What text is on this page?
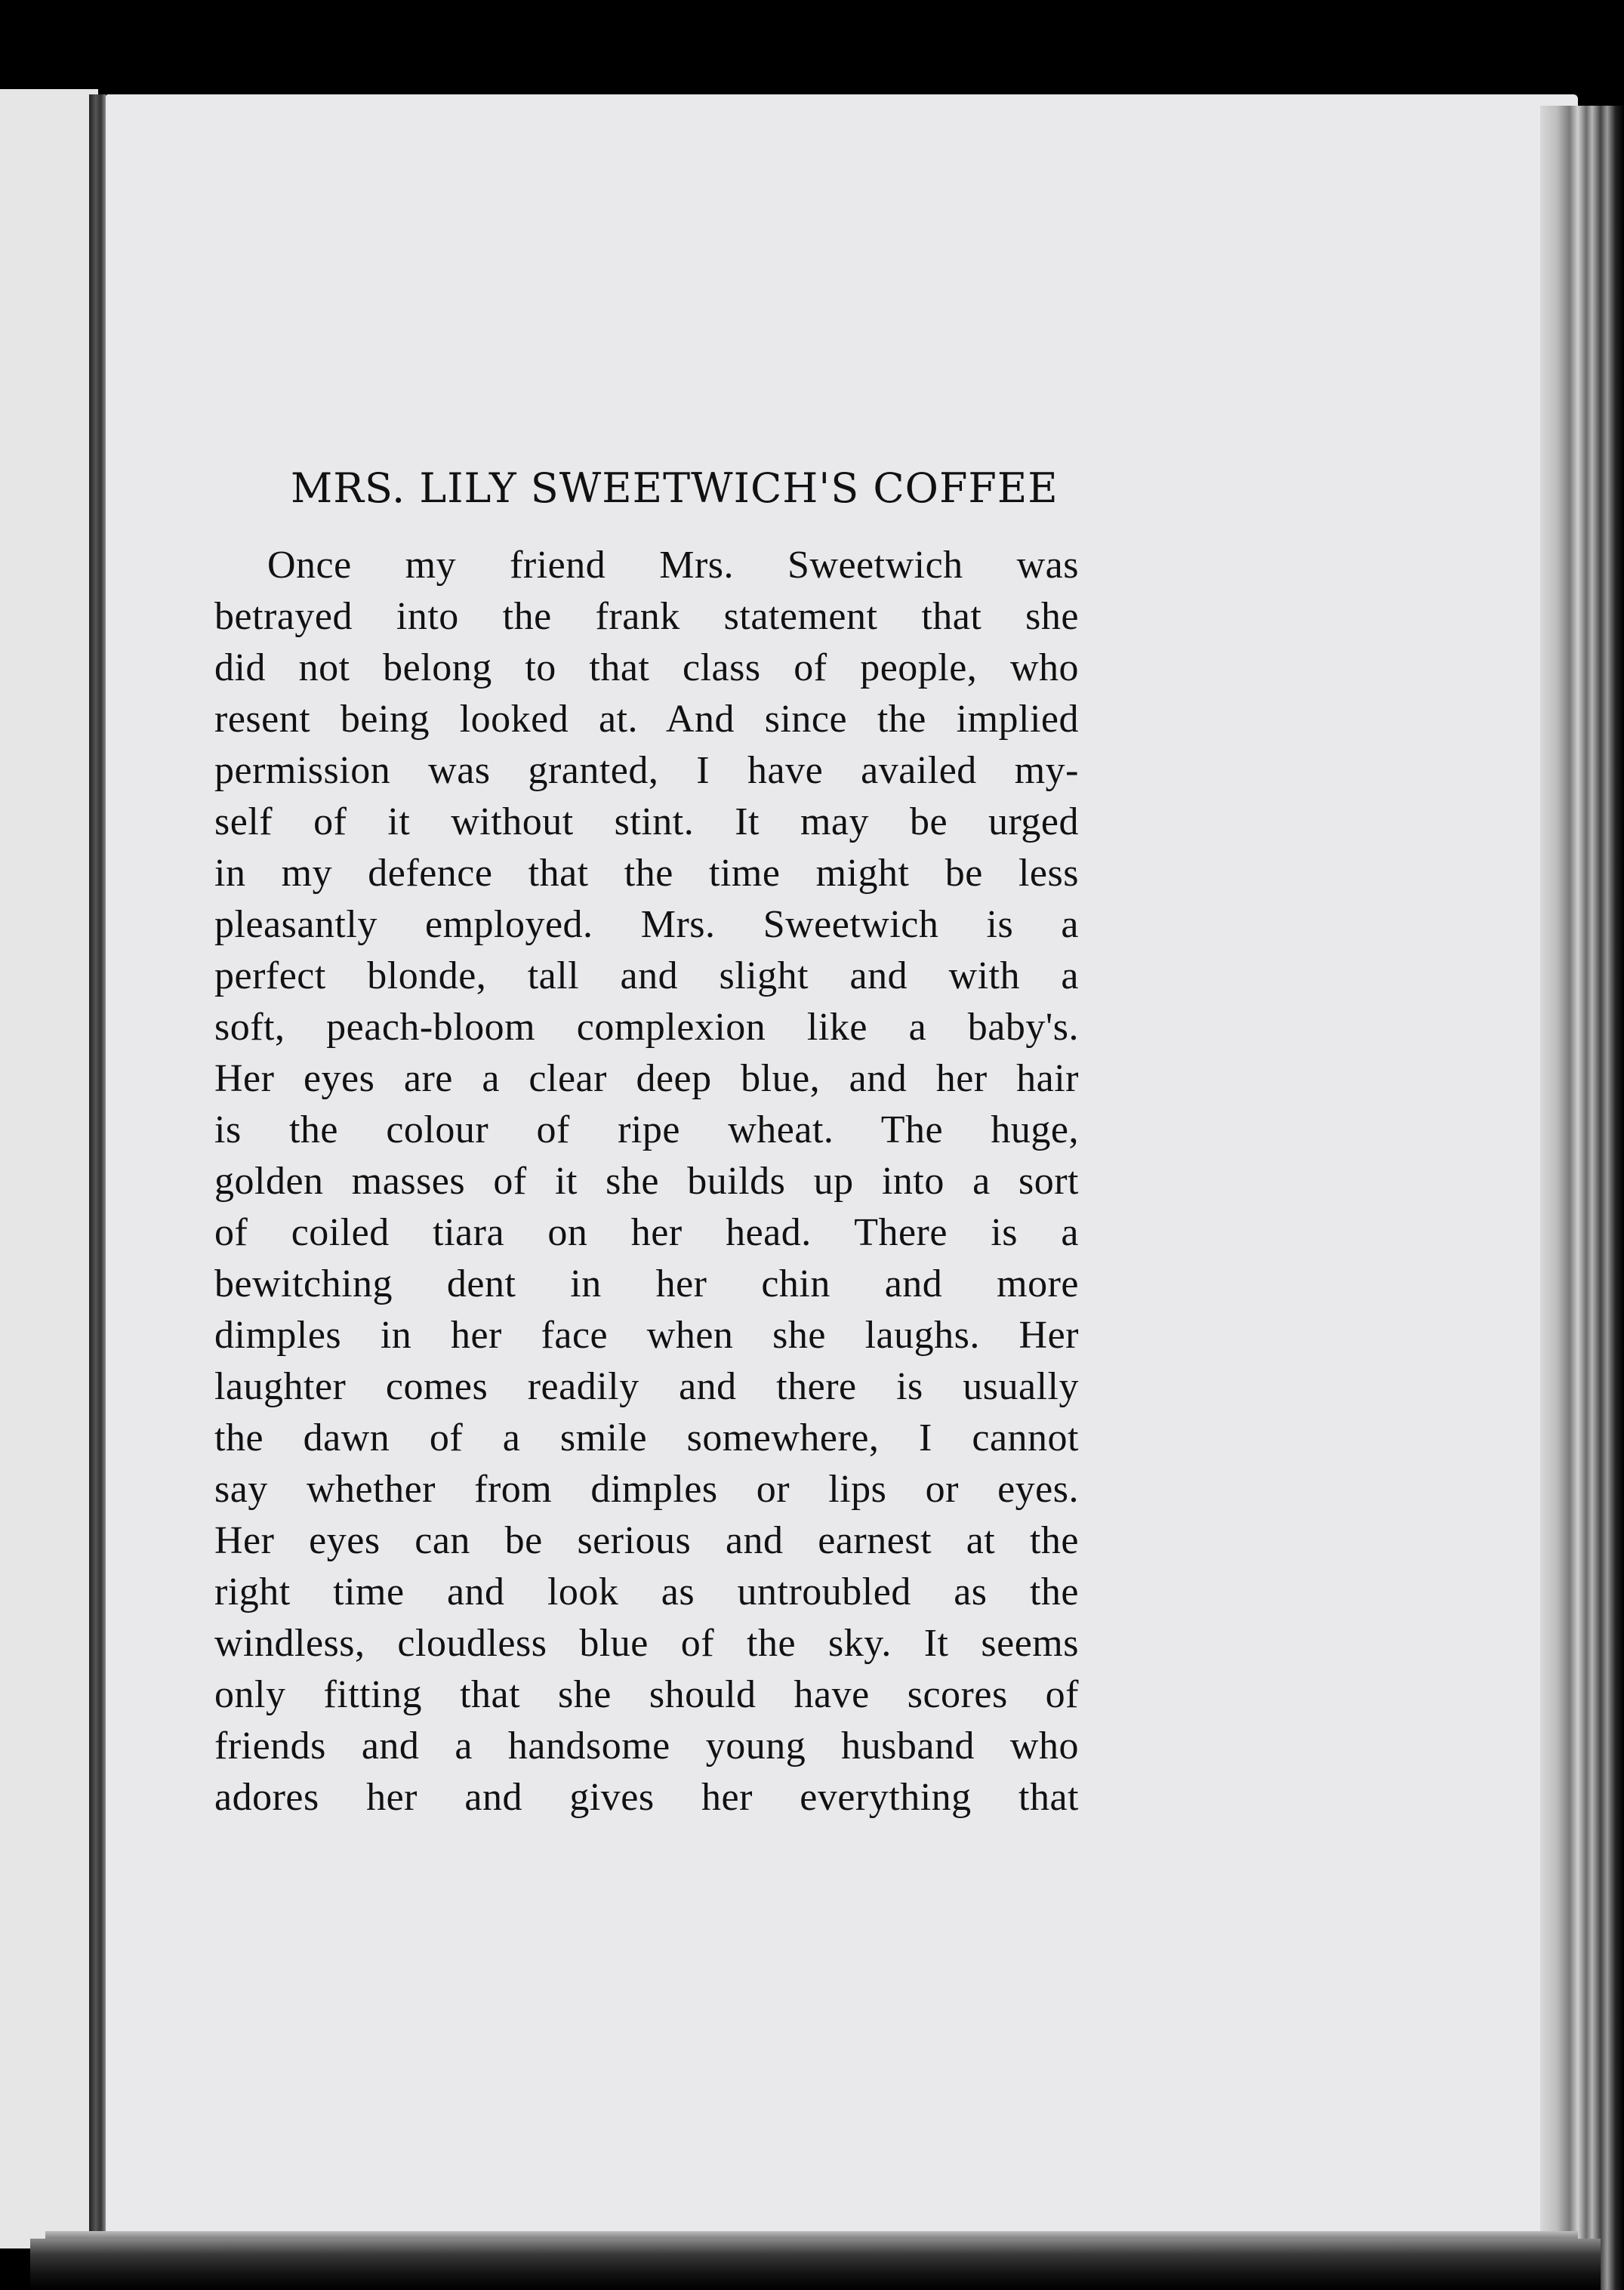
MRS. LILY SWEETWICH'S COFFEE
Once my friend Mrs. Sweetwich was
betrayed into the frank statement that she
did not belong to that class of people, who
resent being looked at. And since the implied
permission was granted, I have availed my-
self of it without stint. It may be urged
in my defence that the time might be less
pleasantly employed. Mrs. Sweetwich is a
perfect blonde, tall and slight and with a
soft, peach-bloom complexion like a baby's.
Her eyes are a clear deep blue, and her hair
is the colour of ripe wheat. The huge,
golden masses of it she builds up into a sort
of coiled tiara on her head. There is a
bewitching dent in her chin and more
dimples in her face when she laughs. Her
laughter comes readily and there is usually
the dawn of a smile somewhere, I cannot
say whether from dimples or lips or eyes.
Her eyes can be serious and earnest at the
right time and look as untroubled as the
windless, cloudless blue of the sky. It seems
only fitting that she should have scores of
friends and a handsome young husband who
adores her and gives her everything that
